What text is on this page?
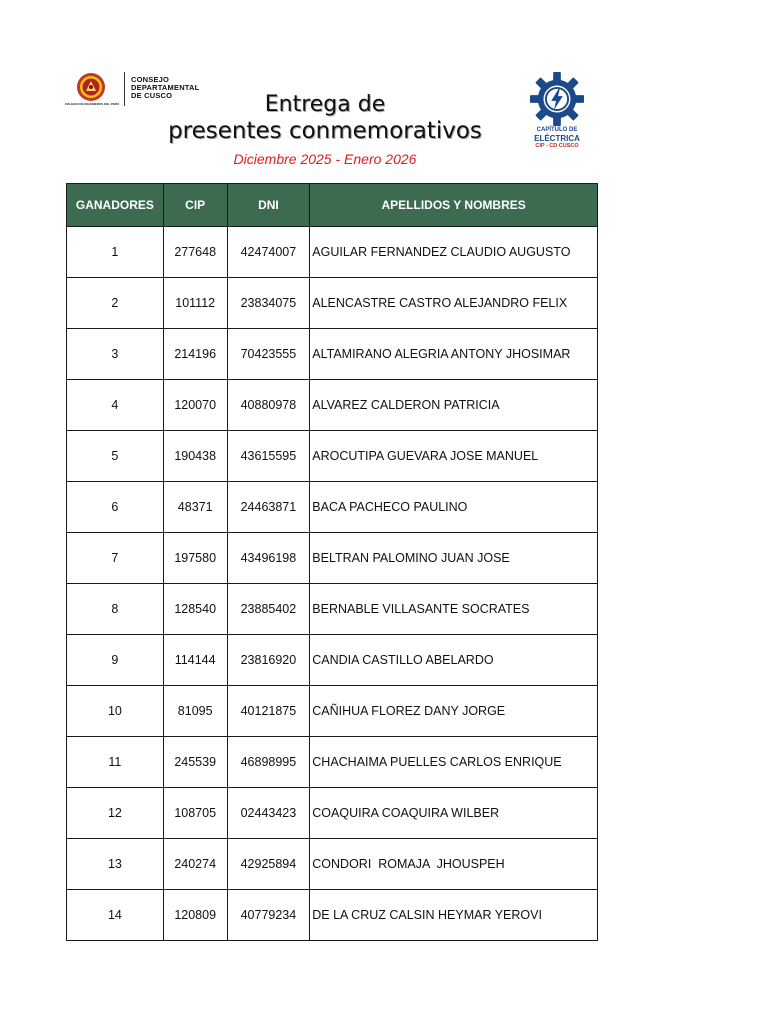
COLEGIO DE INGENIEROS DEL PERÚ
CONSEJO
DEPARTAMENTAL
DE CUSCO	Entrega de
presentes conmemorativos
Diciembre 2025 - Enero 2026
CAPÍTULO DE
ELÉCTRICA
CIP - CD CUSCO
GANADORES	CIP	DNI	APELLIDOS Y NOMBRES
1	277648	42474007	AGUILAR FERNANDEZ CLAUDIO AUGUSTO
2	101112	23834075	ALENCASTRE CASTRO ALEJANDRO FELIX
3	214196	70423555	ALTAMIRANO ALEGRIA ANTONY JHOSIMAR
4	120070	40880978	ALVAREZ CALDERON PATRICIA
5	190438	43615595	AROCUTIPA GUEVARA JOSE MANUEL
6	48371	24463871	BACA PACHECO PAULINO
7	197580	43496198	BELTRAN PALOMINO JUAN JOSE
8	128540	23885402	BERNABLE VILLASANTE SOCRATES
9	114144	23816920	CANDIA CASTILLO ABELARDO
10	81095	40121875	CAÑIHUA FLOREZ DANY JORGE
11	245539	46898995	CHACHAIMA PUELLES CARLOS ENRIQUE
12	108705	02443423	COAQUIRA COAQUIRA WILBER
13	240274	42925894	CONDORI  ROMAJA  JHOUSPEH
14	120809	40779234	DE LA CRUZ CALSIN HEYMAR YEROVI
